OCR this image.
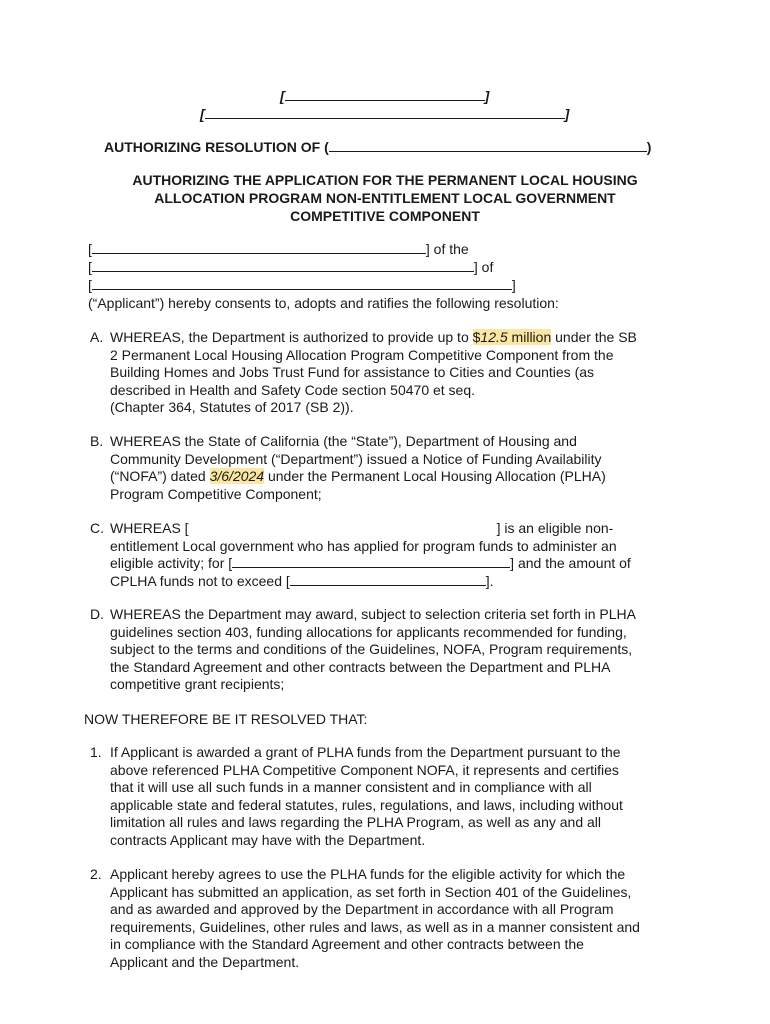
[	]
[	]
AUTHORIZING RESOLUTION OF (	)
AUTHORIZING THE APPLICATION FOR THE PERMANENT LOCAL HOUSING
ALLOCATION PROGRAM NON-ENTITLEMENT LOCAL GOVERNMENT
COMPETITIVE COMPONENT
[	] of the
[	] of
[	]
(“Applicant”) hereby consents to, adopts and ratifies the following resolution:
A. WHEREAS, the Department is authorized to provide up to $12.5 million under the SB
2 Permanent Local Housing Allocation Program Competitive Component from the
Building Homes and Jobs Trust Fund for assistance to Cities and Counties (as
described in Health and Safety Code section 50470 et seq.
(Chapter 364, Statutes of 2017 (SB 2)).
B. WHEREAS the State of California (the “State”), Department of Housing and
Community Development (“Department”) issued a Notice of Funding Availability
(“NOFA”) dated 3/6/2024 under the Permanent Local Housing Allocation (PLHA)
Program Competitive Component;
C. WHEREAS [	] is an eligible non-
entitlement Local government who has applied for program funds to administer an
eligible activity; for [	] and the amount of
CPLHA funds not to exceed [	].
D. WHEREAS the Department may award, subject to selection criteria set forth in PLHA
guidelines section 403, funding allocations for applicants recommended for funding,
subject to the terms and conditions of the Guidelines, NOFA, Program requirements,
the Standard Agreement and other contracts between the Department and PLHA
competitive grant recipients;
NOW THEREFORE BE IT RESOLVED THAT:
1. If Applicant is awarded a grant of PLHA funds from the Department pursuant to the
above referenced PLHA Competitive Component NOFA, it represents and certifies
that it will use all such funds in a manner consistent and in compliance with all
applicable state and federal statutes, rules, regulations, and laws, including without
limitation all rules and laws regarding the PLHA Program, as well as any and all
contracts Applicant may have with the Department.
2. Applicant hereby agrees to use the PLHA funds for the eligible activity for which the
Applicant has submitted an application, as set forth in Section 401 of the Guidelines,
and as awarded and approved by the Department in accordance with all Program
requirements, Guidelines, other rules and laws, as well as in a manner consistent and
in compliance with the Standard Agreement and other contracts between the
Applicant and the Department.
